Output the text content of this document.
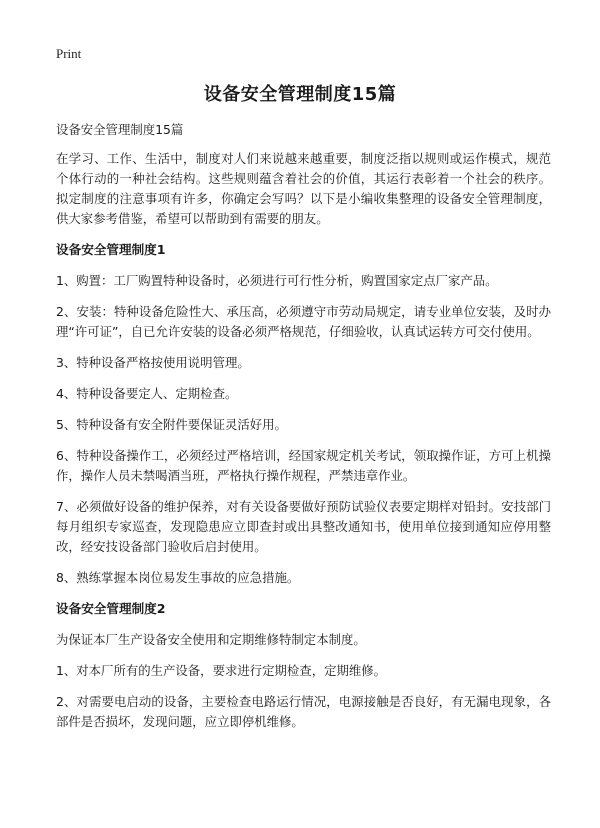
Print
设备安全管理制度15篇

设备安全管理制度15篇

在学习、工作、生活中，制度对人们来说越来越重要，制度泛指以规则或运作模式，规范个体行动的一种社会结构。这些规则蕴含着社会的价值，其运行表彰着一个社会的秩序。拟定制度的注意事项有许多，你确定会写吗？以下是小编收集整理的设备安全管理制度，供大家参考借鉴，希望可以帮助到有需要的朋友。

设备安全管理制度1

1、购置：工厂购置特种设备时，必须进行可行性分析，购置国家定点厂家产品。

2、安装：特种设备危险性大、承压高，必须遵守市劳动局规定，请专业单位安装，及时办理“许可证”，自已允许安装的设备必须严格规范，仔细验收，认真试运转方可交付使用。

3、特种设备严格按使用说明管理。

4、特种设备要定人、定期检查。

5、特种设备有安全附件要保证灵活好用。

6、特种设备操作工，必须经过严格培训，经国家规定机关考试，领取操作证，方可上机操作，操作人员未禁喝酒当班，严格执行操作规程，严禁违章作业。

7、必须做好设备的维护保养，对有关设备要做好预防试验仪表要定期样对铅封。安技部门每月组织专家巡查，发现隐患应立即查封或出具整改通知书，使用单位接到通知应停用整改，经安技设备部门验收后启封使用。

8、熟练掌握本岗位易发生事故的应急措施。

设备安全管理制度2

为保证本厂生产设备安全使用和定期维修特制定本制度。

1、对本厂所有的生产设备，要求进行定期检查，定期维修。

2、对需要电启动的设备，主要检查电路运行情况，电源接触是否良好，有无漏电现象，各部件是否损坏，发现问题，应立即停机维修。
